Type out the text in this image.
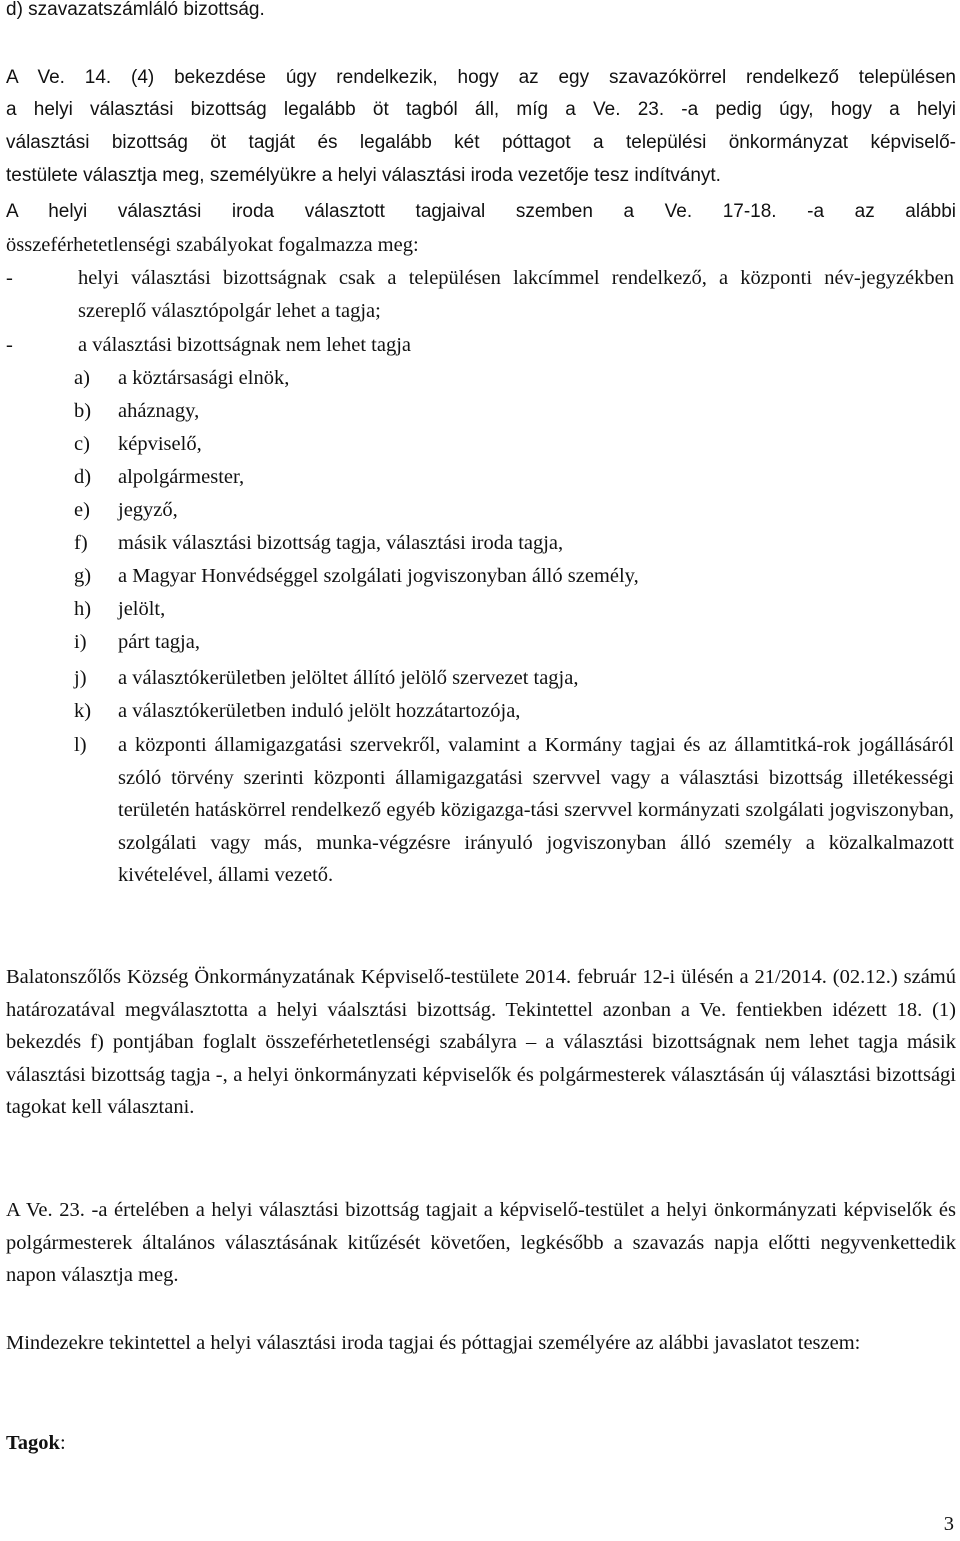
d) szavazatszámláló bizottság.

A Ve. 14. (4) bekezdése úgy rendelkezik, hogy az egy szavazókörrel rendelkező településen

a helyi választási bizottság legalább öt tagból áll, míg a Ve. 23. -a pedig úgy, hogy a helyi

választási bizottság öt tagját és legalább két póttagot a települési önkormányzat képviselő-

testülete választja meg, személyükre a helyi választási iroda vezetője tesz indítványt.

A helyi választási iroda választott tagjaival szemben a Ve. 17-18. -a az alábbi

összeférhetetlenségi szabályokat fogalmazza meg:

-	helyi választási bizottságnak csak a településen lakcímmel rendelkező, a központi név-jegyzékben szereplő választópolgár lehet a tagja;
-	a választási bizottságnak nem lehet tagja
a) a köztársasági elnök,
b) aháznagy,
c) képviselő,
d) alpolgármester,
e) jegyző,
f) másik választási bizottság tagja, választási iroda tagja,
g) a Magyar Honvédséggel szolgálati jogviszonyban álló személy,
h) jelölt,
i) párt tagja,
j) a választókerületben jelöltet állító jelölő szervezet tagja,
k) a választókerületben induló jelölt hozzátartozója,
l) a központi államigazgatási szervekről, valamint a Kormány tagjai és az államtitká-rok jogállásáról szóló törvény szerinti központi államigazgatási szervvel vagy a választási bizottság illetékességi területén hatáskörrel rendelkező egyéb közigazga-tási szervvel kormányzati szolgálati jogviszonyban, szolgálati vagy más, munka-végzésre irányuló jogviszonyban álló személy a közalkalmazott kivételével, állami vezető.

Balatonszőlős Község Önkormányzatának Képviselő-testülete 2014. február 12-i ülésén a 21/2014. (02.12.) számú határozatával megválasztotta a helyi váalsztási bizottság. Tekintettel azonban a Ve. fentiekben idézett 18. (1) bekezdés f) pontjában foglalt összeférhetetlenségi szabályra – a választási bizottságnak nem lehet tagja másik választási bizottság tagja -, a helyi önkormányzati képviselők és polgármesterek választásán új választási bizottsági tagokat kell választani.

A Ve. 23. -a értelében a helyi választási bizottság tagjait a képviselő-testület a helyi önkormányzati képviselők és polgármesterek általános választásának kitűzését követően, legkésőbb a szavazás napja előtti negyvenkettedik napon választja meg.

Mindezekre tekintettel a helyi választási iroda tagjai és póttagjai személyére az alábbi javaslatot teszem:

Tagok:

3
